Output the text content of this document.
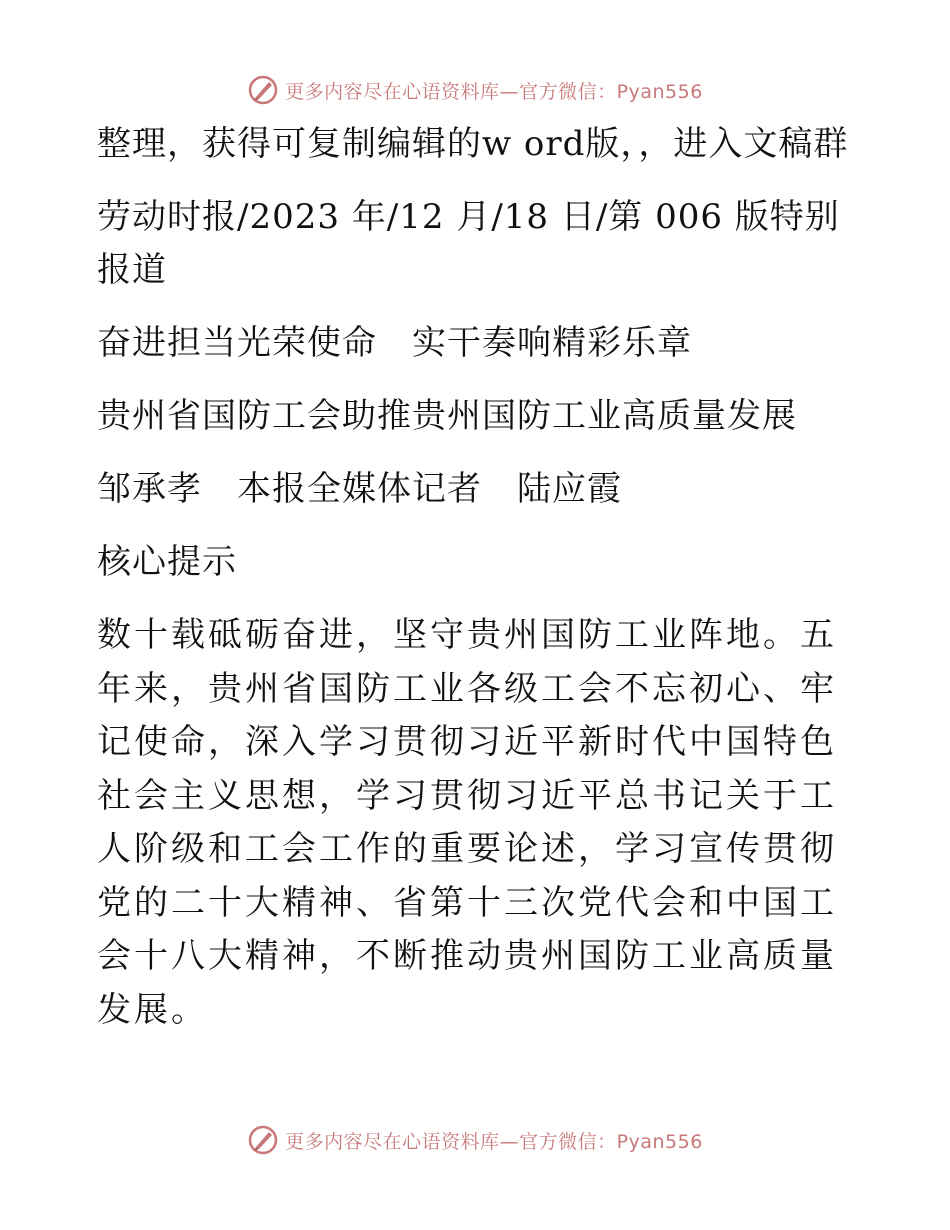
更多内容尽在心语资料库—官方微信：Pyan556

整理，获得可复制编辑的w ord版，，进入文稿群

劳动时报/2023 年/12 月/18 日/第 006 版特别报道

奋进担当光荣使命　实干奏响精彩乐章

贵州省国防工会助推贵州国防工业高质量发展

邹承孝　本报全媒体记者　陆应霞

核心提示

数十载砥砺奋进，坚守贵州国防工业阵地。五年来，贵州省国防工业各级工会不忘初心、牢记使命，深入学习贯彻习近平新时代中国特色社会主义思想，学习贯彻习近平总书记关于工人阶级和工会工作的重要论述，学习宣传贯彻党的二十大精神、省第十三次党代会和中国工会十八大精神，不断推动贵州国防工业高质量发展。

更多内容尽在心语资料库—官方微信：Pyan556
